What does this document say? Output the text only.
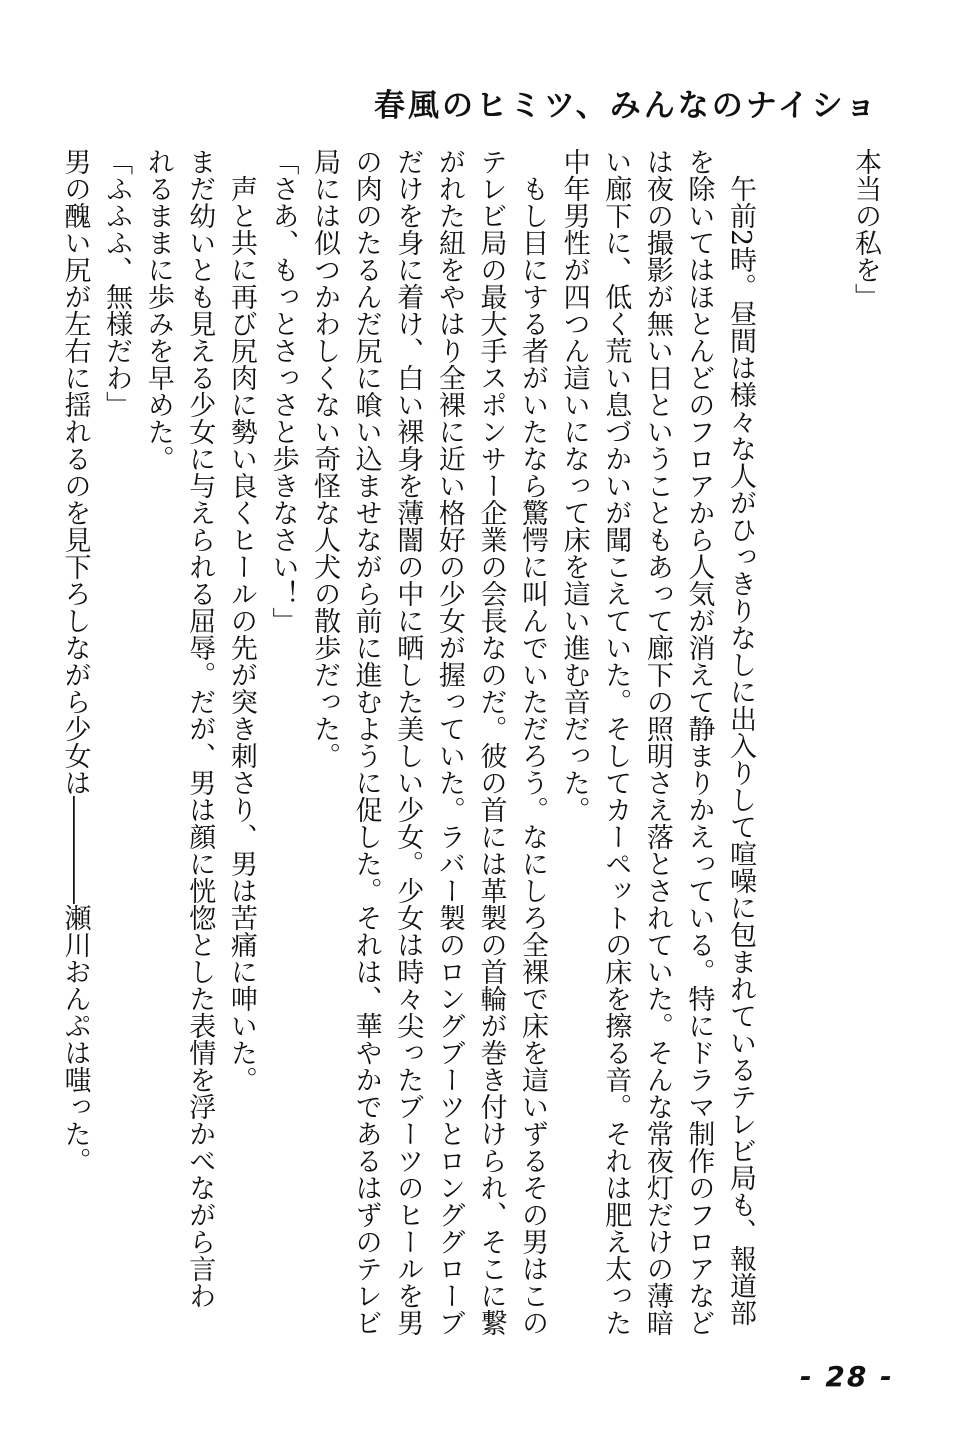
春風のヒミツ、みんなのナイショ
本当の私を」
　午前2時。昼間は様々な人がひっきりなしに出入りして喧噪に包まれているテレビ局も、報道部
を除いてはほとんどのフロアから人気が消えて静まりかえっている。特にドラマ制作のフロアなど
は夜の撮影が無い日ということもあって廊下の照明さえ落とされていた。そんな常夜灯だけの薄暗
い廊下に、低く荒い息づかいが聞こえていた。そしてカーペットの床を擦る音。それは肥え太った
中年男性が四つん這いになって床を這い進む音だった。
　もし目にする者がいたなら驚愕に叫んでいただろう。なにしろ全裸で床を這いずるその男はこの
テレビ局の最大手スポンサー企業の会長なのだ。彼の首には革製の首輪が巻き付けられ、そこに繋
がれた紐をやはり全裸に近い格好の少女が握っていた。ラバー製のロングブーツとロンググローブ
だけを身に着け、白い裸身を薄闇の中に晒した美しい少女。少女は時々尖ったブーツのヒールを男
の肉のたるんだ尻に喰い込ませながら前に進むように促した。それは、華やかであるはずのテレビ
局には似つかわしくない奇怪な人犬の散歩だった。
「さあ、もっとさっさと歩きなさい！」
　声と共に再び尻肉に勢い良くヒールの先が突き刺さり、男は苦痛に呻いた。
まだ幼いとも見える少女に与えられる屈辱。だが、男は顔に恍惚とした表情を浮かべながら言わ
れるままに歩みを早めた。
「ふふふ、無様だわ」
男の醜い尻が左右に揺れるのを見下ろしながら少女は――――瀬川おんぷは嗤った。
- 28 -
